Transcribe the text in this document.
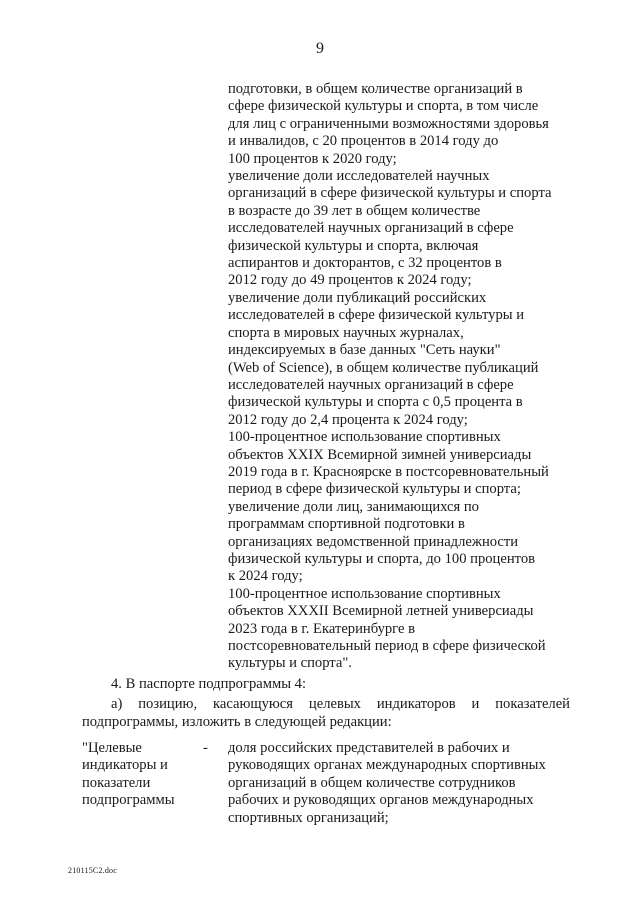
9
подготовки, в общем количестве организаций в
сфере физической культуры и спорта, в том числе
для лиц с ограниченными возможностями здоровья
и инвалидов, с 20 процентов в 2014 году до
100 процентов к 2020 году;
увеличение доли исследователей научных
организаций в сфере физической культуры и спорта
в возрасте до 39 лет в общем количестве
исследователей научных организаций в сфере
физической культуры и спорта, включая
аспирантов и докторантов, с 32 процентов в
2012 году до 49 процентов к 2024 году;
увеличение доли публикаций российских
исследователей в сфере физической культуры и
спорта в мировых научных журналах,
индексируемых в базе данных "Сеть науки"
(Web of Science), в общем количестве публикаций
исследователей научных организаций в сфере
физической культуры и спорта с 0,5 процента в
2012 году до 2,4 процента к 2024 году;
100-процентное использование спортивных
объектов XXIX Всемирной зимней универсиады
2019 года в г. Красноярске в постсоревновательный
период в сфере физической культуры и спорта;
увеличение доли лиц, занимающихся по
программам спортивной подготовки в
организациях ведомственной принадлежности
физической культуры и спорта, до 100 процентов
к 2024 году;
100-процентное использование спортивных
объектов XXXII Всемирной летней универсиады
2023 года в г. Екатеринбурге в
постсоревновательный период в сфере физической
культуры и спорта".
4. В паспорте подпрограммы 4:
а) позицию, касающуюся целевых индикаторов и показателей
подпрограммы, изложить в следующей редакции:
"Целевые
индикаторы и
показатели
подпрограммы
- доля российских представителей в рабочих и
руководящих органах международных спортивных
организаций в общем количестве сотрудников
рабочих и руководящих органов международных
спортивных организаций;
210115C2.doc
